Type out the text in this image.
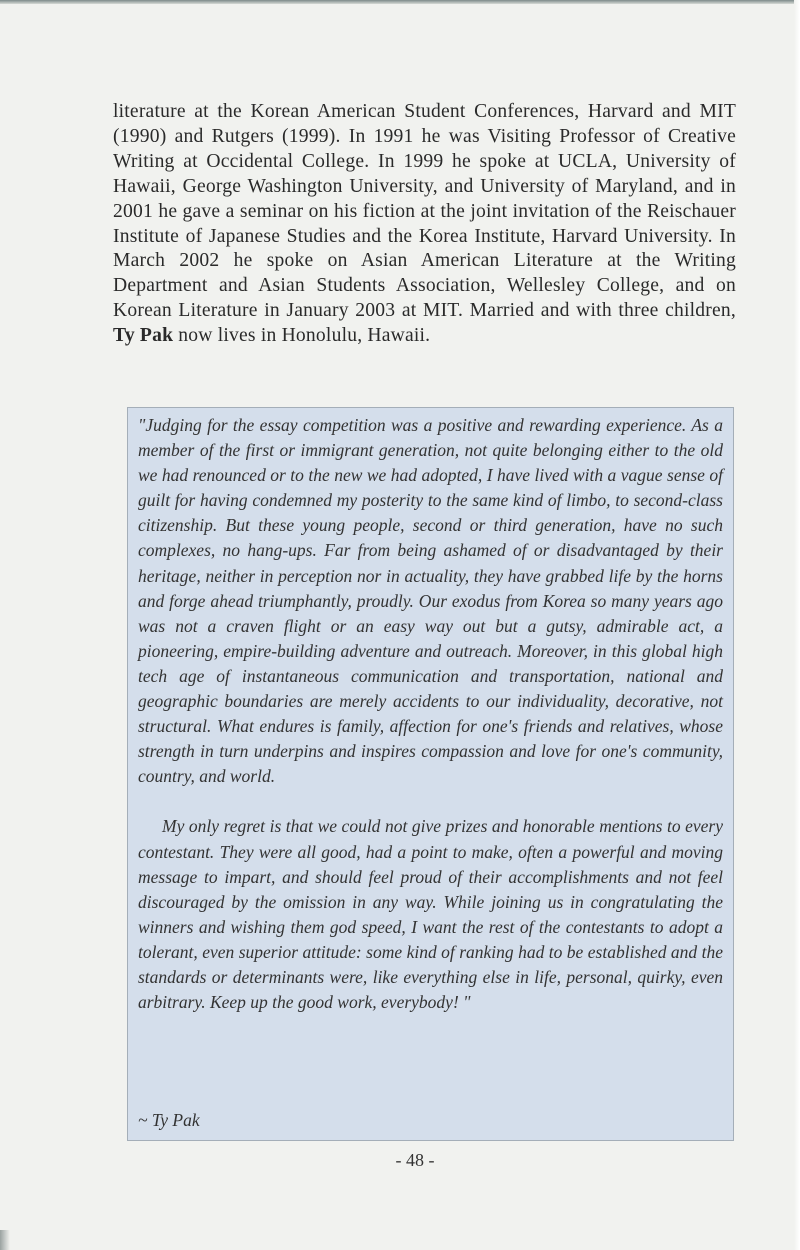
literature at the Korean American Student Conferences, Harvard and MIT (1990) and Rutgers (1999). In 1991 he was Visiting Professor of Creative Writing at Occidental College. In 1999 he spoke at UCLA, University of Hawaii, George Washington University, and University of Maryland, and in 2001 he gave a seminar on his fiction at the joint invitation of the Reischauer Institute of Japanese Studies and the Korea Institute, Harvard University. In March 2002 he spoke on Asian American Literature at the Writing Department and Asian Students Association, Wellesley College, and on Korean Literature in January 2003 at MIT. Married and with three children, Ty Pak now lives in Honolulu, Hawaii.

"Judging for the essay competition was a positive and rewarding experience. As a member of the first or immigrant generation, not quite belonging either to the old we had renounced or to the new we had adopted, I have lived with a vague sense of guilt for having condemned my posterity to the same kind of limbo, to second-class citizenship. But these young people, second or third generation, have no such complexes, no hang-ups. Far from being ashamed of or disadvantaged by their heritage, neither in perception nor in actuality, they have grabbed life by the horns and forge ahead triumphantly, proudly. Our exodus from Korea so many years ago was not a craven flight or an easy way out but a gutsy, admirable act, a pioneering, empire-building adventure and outreach. Moreover, in this global high tech age of instantaneous communication and transportation, national and geographic boundaries are merely accidents to our individuality, decorative, not structural. What endures is family, affection for one's friends and relatives, whose strength in turn underpins and inspires compassion and love for one's community, country, and world.

My only regret is that we could not give prizes and honorable mentions to every contestant. They were all good, had a point to make, often a powerful and moving message to impart, and should feel proud of their accomplishments and not feel discouraged by the omission in any way. While joining us in congratulating the winners and wishing them god speed, I want the rest of the contestants to adopt a tolerant, even superior attitude: some kind of ranking had to be established and the standards or determinants were, like everything else in life, personal, quirky, even arbitrary. Keep up the good work, everybody! "

~ Ty Pak

- 48 -
